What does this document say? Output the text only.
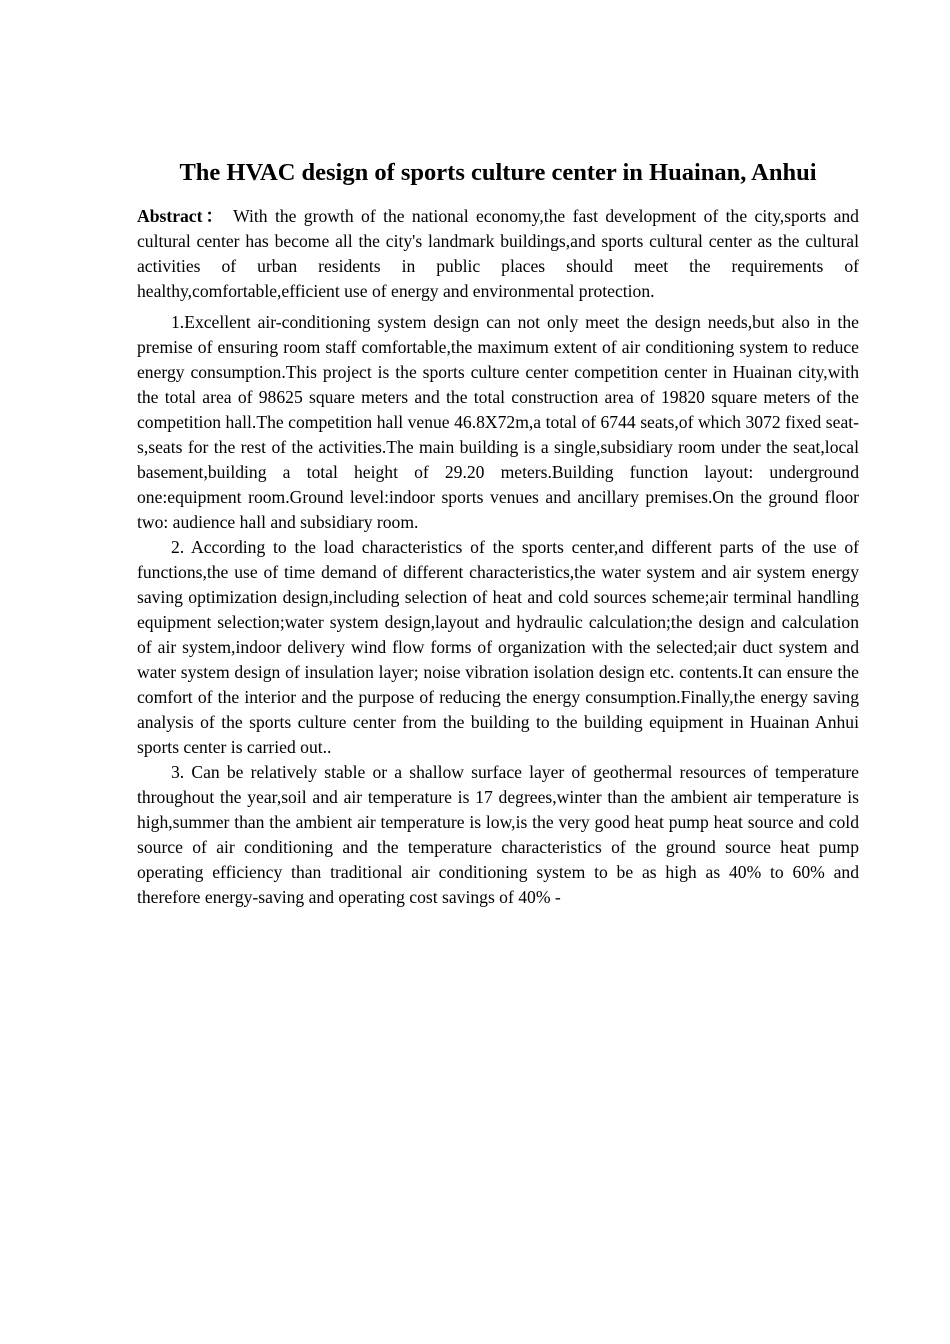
The HVAC design of sports culture center in Huainan, Anhui

Abstract： With the growth of the national economy,the fast development of the city,sports and cultural center has become all the city's landmark buildings,and sports cultural center as the cultural activities of urban residents in public places should meet the requirements of healthy,comfortable,efficient use of energy and environmental protection.

1.Excellent air-conditioning system design can not only meet the design needs,but also in the premise of ensuring room staff comfortable,the maximum extent of air conditioning system to reduce energy consumption.This project is the sports culture center competition center in Huainan city,with the total area of 98625 square meters and the total construction area of 19820 square meters of the competition hall.The competition hall venue 46.8X72m,a total of 6744 seats,of which 3072 fixed seat-s,seats for the rest of the activities.The main building is a single,subsidiary room under the seat,local basement,building a total height of 29.20 meters.Building function layout: underground one:equipment room.Ground level:indoor sports venues and ancillary premises.On the ground floor two: audience hall and subsidiary room.

2. According to the load characteristics of the sports center,and different parts of the use of functions,the use of time demand of different characteristics,the water system and air system energy saving optimization design,including selection of heat and cold sources scheme;air terminal handling equipment selection;water system design,layout and hydraulic calculation;the design and calculation of air system,indoor delivery wind flow forms of organization with the selected;air duct system and water system design of insulation layer; noise vibration isolation design etc. contents.It can ensure the comfort of the interior and the purpose of reducing the energy consumption.Finally,the energy saving analysis of the sports culture center from the building to the building equipment in Huainan Anhui sports center is carried out..

3. Can be relatively stable or a shallow surface layer of geothermal resources of temperature throughout the year,soil and air temperature is 17 degrees,winter than the ambient air temperature is high,summer than the ambient air temperature is low,is the very good heat pump heat source and cold source of air conditioning and the temperature characteristics of the ground source heat pump operating efficiency than traditional air conditioning system to be as high as 40% to 60% and therefore energy-saving and operating cost savings of 40% -
